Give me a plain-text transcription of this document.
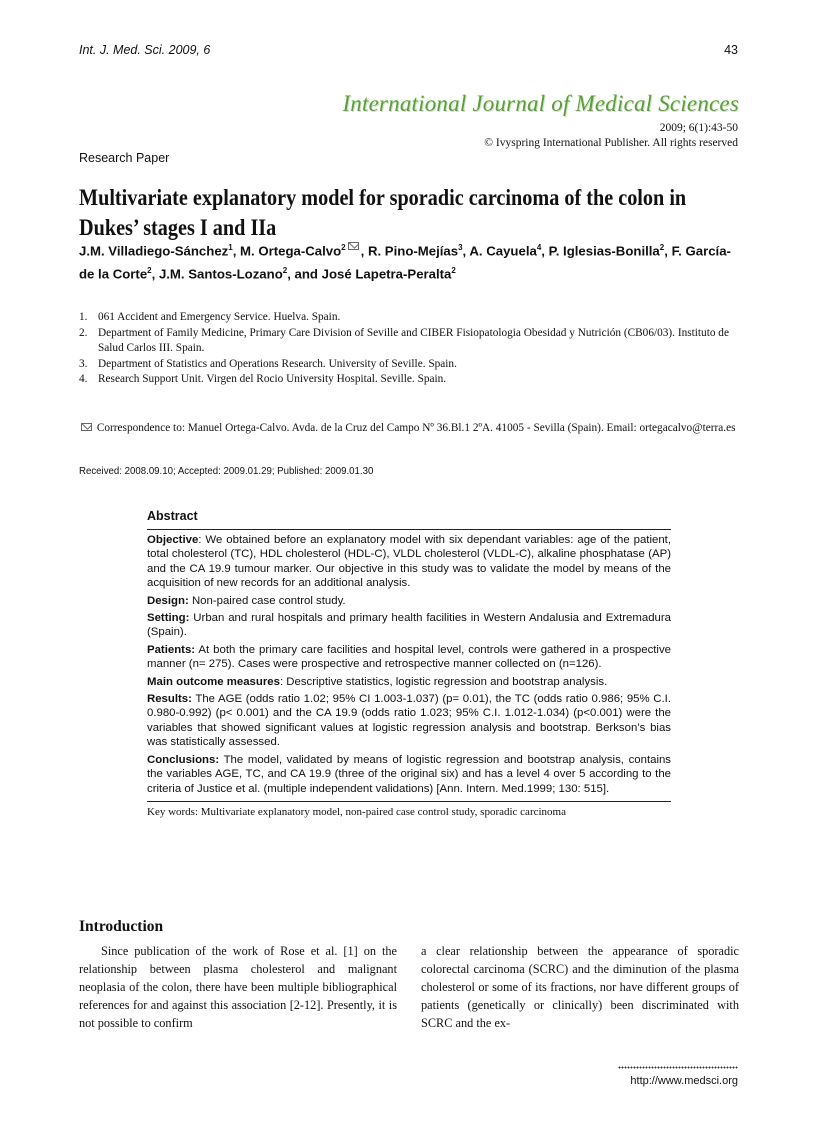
Int. J. Med. Sci. 2009, 6	43
International Journal of Medical Sciences
2009; 6(1):43-50
© Ivyspring International Publisher. All rights reserved
Research Paper
Multivariate explanatory model for sporadic carcinoma of the colon in Dukes’ stages I and IIa
J.M. Villadiego-Sánchez$^1$, M. Ortega-Calvo$^2$ , R. Pino-Mejías$^3$, A. Cayuela$^4$, P. Iglesias-Bonilla$^2$, F. García-de la Corte$^2$, J.M. Santos-Lozano$^2$, and José Lapetra-Peralta$^2$
1. 061 Accident and Emergency Service. Huelva. Spain.
2. Department of Family Medicine, Primary Care Division of Seville and CIBER Fisiopatologia Obesidad y Nutrición (CB06/03). Instituto de Salud Carlos III. Spain.
3. Department of Statistics and Operations Research. University of Seville. Spain.
4. Research Support Unit. Virgen del Rocio University Hospital. Seville. Spain.
Correspondence to: Manuel Ortega-Calvo. Avda. de la Cruz del Campo Nº 36.Bl.1 2ºA. 41005 - Sevilla (Spain). Email: ortegacalvo@terra.es
Received: 2008.09.10; Accepted: 2009.01.29; Published: 2009.01.30
Abstract

Objective: We obtained before an explanatory model with six dependant variables: age of the patient, total cholesterol (TC), HDL cholesterol (HDL-C), VLDL cholesterol (VLDL-C), alkaline phosphatase (AP) and the CA 19.9 tumour marker. Our objective in this study was to validate the model by means of the acquisition of new records for an additional analysis.

Design: Non-paired case control study.

Setting: Urban and rural hospitals and primary health facilities in Western Andalusia and Extremadura (Spain).

Patients: At both the primary care facilities and hospital level, controls were gathered in a prospective manner (n= 275). Cases were prospective and retrospective manner collected on (n=126).

Main outcome measures: Descriptive statistics, logistic regression and bootstrap analysis.

Results: The AGE (odds ratio 1.02; 95% CI 1.003-1.037) (p= 0.01), the TC (odds ratio 0.986; 95% C.I. 0.980-0.992) (p< 0.001) and the CA 19.9 (odds ratio 1.023; 95% C.I. 1.012-1.034) (p<0.001) were the variables that showed significant values at logistic regression analysis and bootstrap. Berkson’s bias was statistically assessed.

Conclusions: The model, validated by means of logistic regression and bootstrap analysis, contains the variables AGE, TC, and CA 19.9 (three of the original six) and has a level 4 over 5 according to the criteria of Justice et al. (multiple independent validations) [Ann. Intern. Med.1999; 130: 515].

Key words: Multivariate explanatory model, non-paired case control study, sporadic carcinoma
Introduction
Since publication of the work of Rose et al. [1] on the relationship between plasma cholesterol and malignant neoplasia of the colon, there have been multiple bibliographical references for and against this association [2-12]. Presently, it is not possible to confirm
a clear relationship between the appearance of sporadic colorectal carcinoma (SCRC) and the diminution of the plasma cholesterol or some of its fractions, nor have different groups of patients (genetically or clinically) been discriminated with SCRC and the ex-
http://www.medsci.org
